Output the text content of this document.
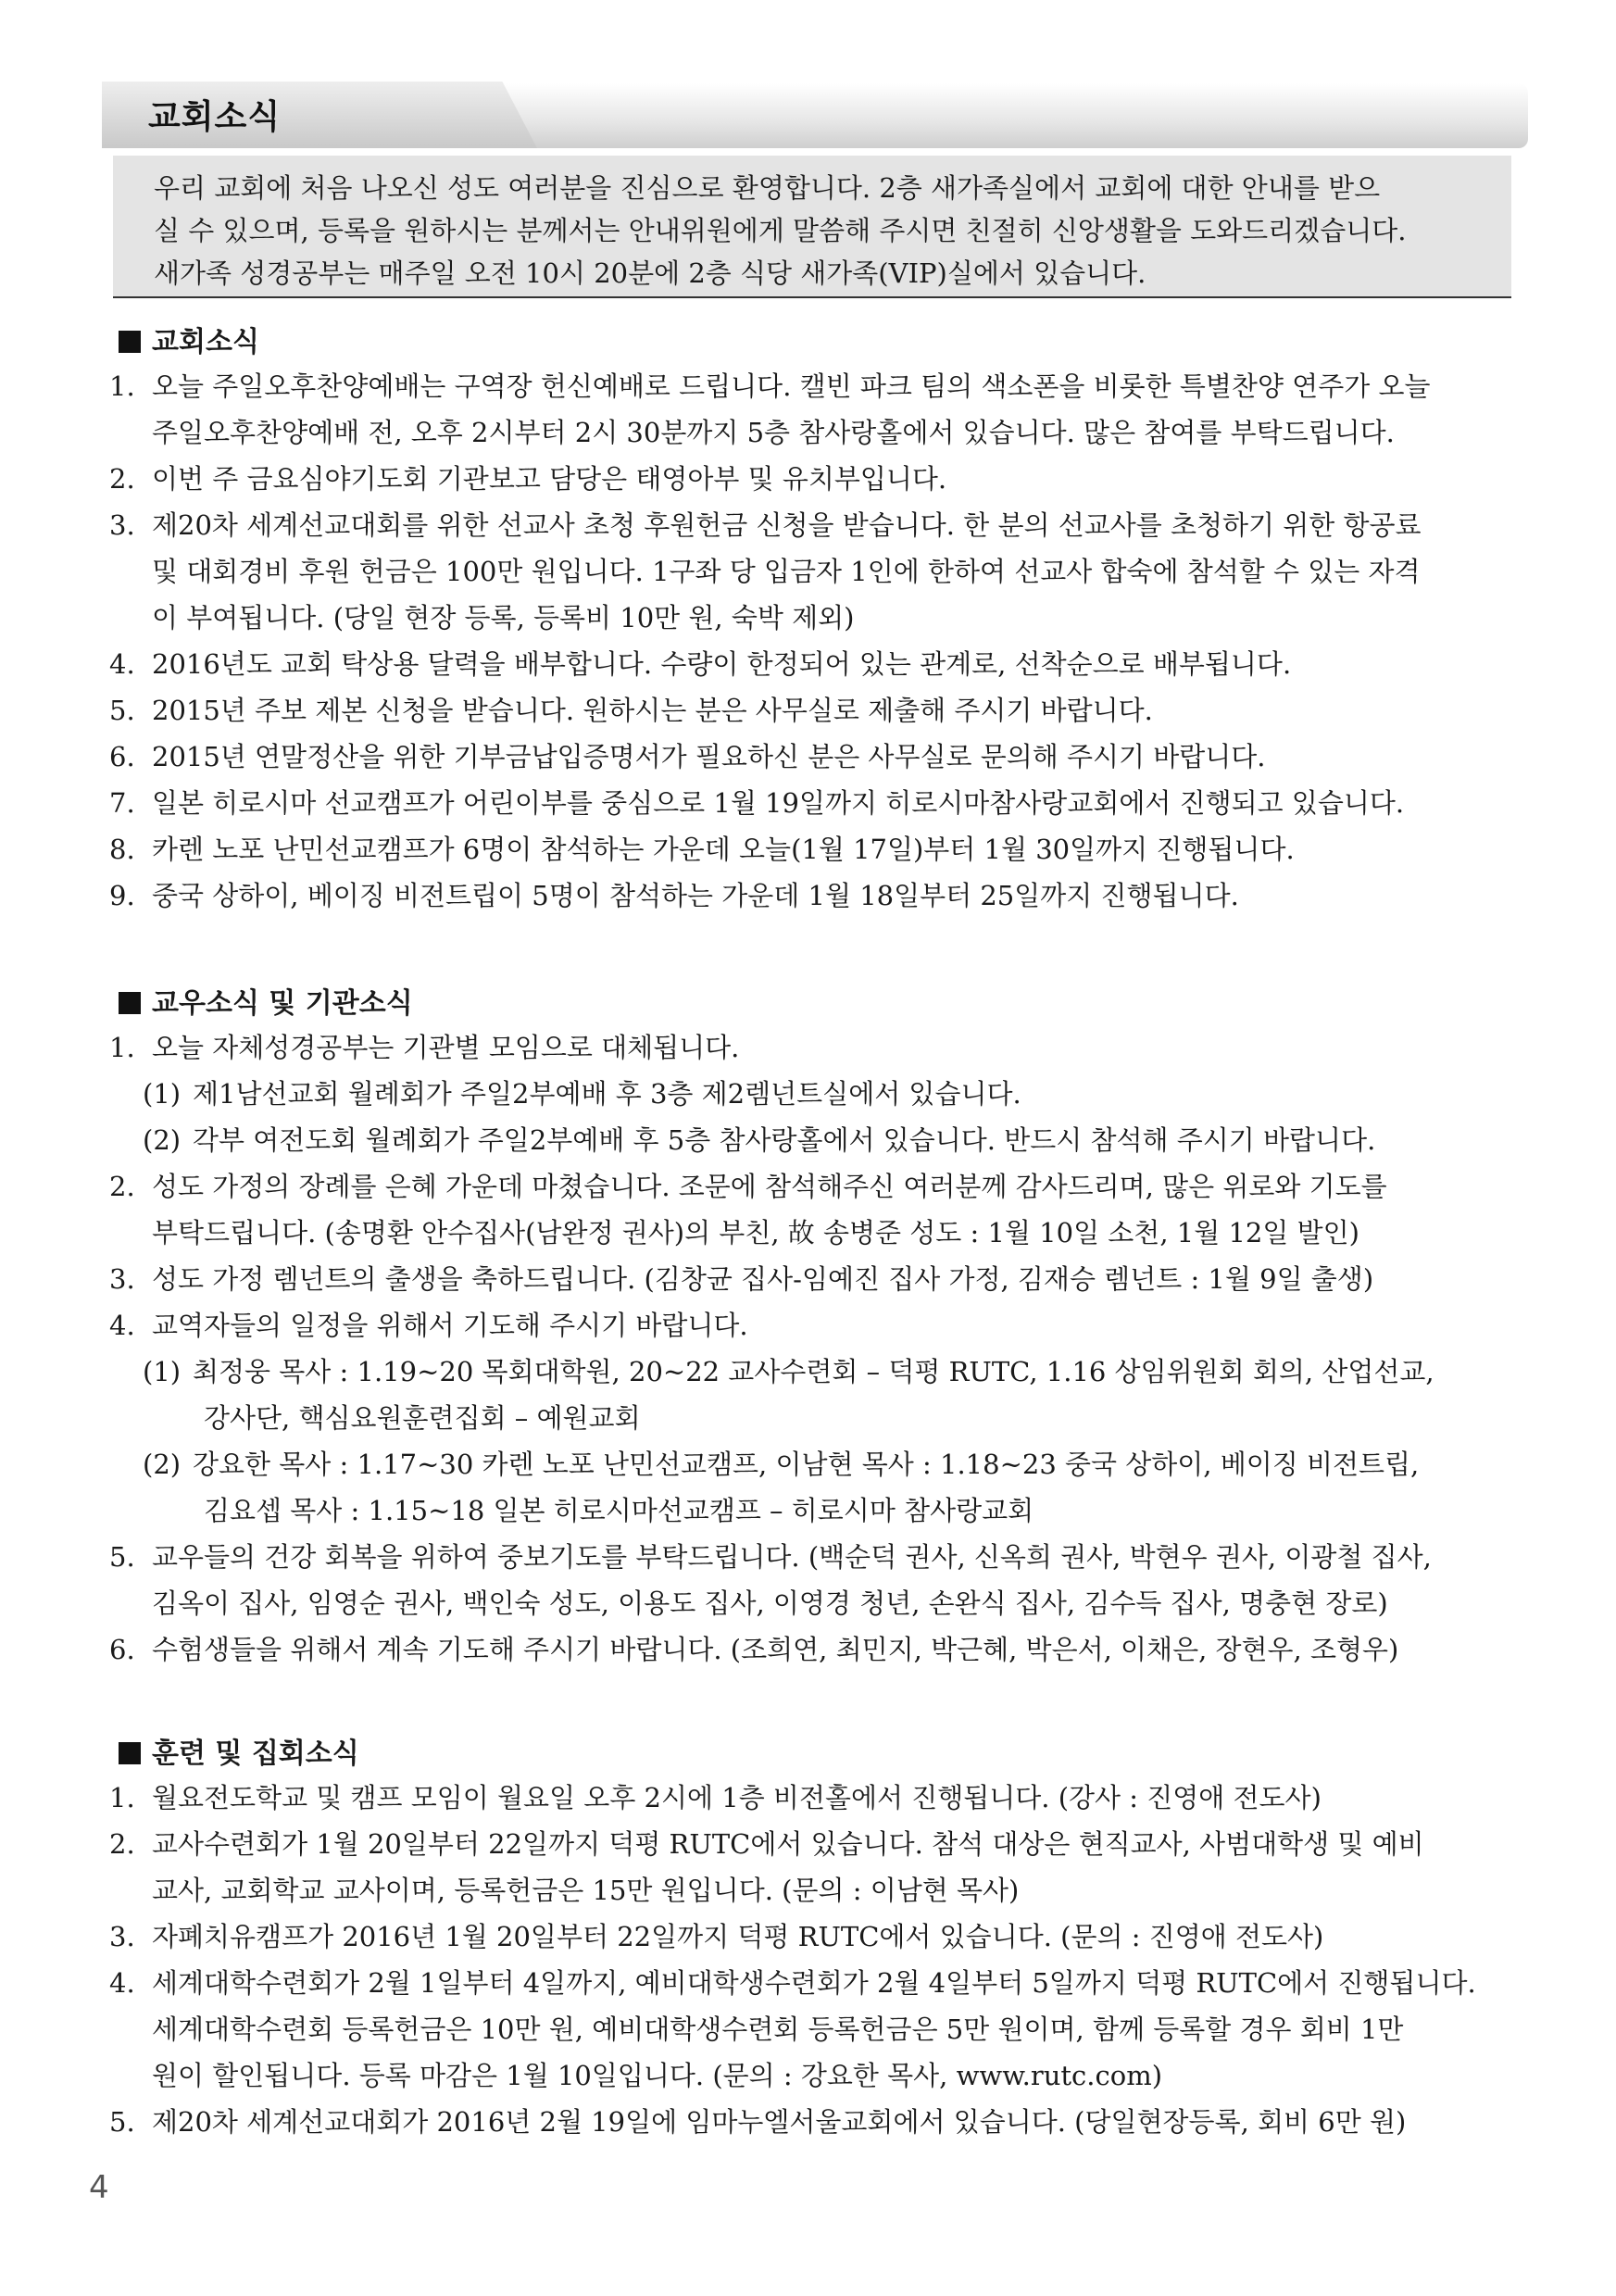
교회소식

우리 교회에 처음 나오신 성도 여러분을 진심으로 환영합니다. 2층 새가족실에서 교회에 대한 안내를 받으

실 수 있으며, 등록을 원하시는 분께서는 안내위원에게 말씀해 주시면 친절히 신앙생활을 도와드리겠습니다.

새가족 성경공부는 매주일 오전 10시 20분에 2층 식당 새가족(VIP)실에서 있습니다.

교회소식
1. 오늘 주일오후찬양예배는 구역장 헌신예배로 드립니다. 캘빈 파크 팀의 색소폰을 비롯한 특별찬양 연주가 오늘
주일오후찬양예배 전, 오후 2시부터 2시 30분까지 5층 참사랑홀에서 있습니다. 많은 참여를 부탁드립니다.
2. 이번 주 금요심야기도회 기관보고 담당은 태영아부 및 유치부입니다.
3. 제20차 세계선교대회를 위한 선교사 초청 후원헌금 신청을 받습니다. 한 분의 선교사를 초청하기 위한 항공료
및 대회경비 후원 헌금은 100만 원입니다. 1구좌 당 입금자 1인에 한하여 선교사 합숙에 참석할 수 있는 자격
이 부여됩니다. (당일 현장 등록, 등록비 10만 원, 숙박 제외)
4. 2016년도 교회 탁상용 달력을 배부합니다. 수량이 한정되어 있는 관계로, 선착순으로 배부됩니다.
5. 2015년 주보 제본 신청을 받습니다. 원하시는 분은 사무실로 제출해 주시기 바랍니다.
6. 2015년 연말정산을 위한 기부금납입증명서가 필요하신 분은 사무실로 문의해 주시기 바랍니다.
7. 일본 히로시마 선교캠프가 어린이부를 중심으로 1월 19일까지 히로시마참사랑교회에서 진행되고 있습니다.
8. 카렌 노포 난민선교캠프가 6명이 참석하는 가운데 오늘(1월 17일)부터 1월 30일까지 진행됩니다.
9. 중국 상하이, 베이징 비전트립이 5명이 참석하는 가운데 1월 18일부터 25일까지 진행됩니다.
교우소식 및 기관소식
1. 오늘 자체성경공부는 기관별 모임으로 대체됩니다.
(1) 제1남선교회 월례회가 주일2부예배 후 3층 제2렘넌트실에서 있습니다.
(2) 각부 여전도회 월례회가 주일2부예배 후 5층 참사랑홀에서 있습니다. 반드시 참석해 주시기 바랍니다.
2. 성도 가정의 장례를 은혜 가운데 마쳤습니다. 조문에 참석해주신 여러분께 감사드리며, 많은 위로와 기도를
부탁드립니다. (송명환 안수집사(남완정 권사)의 부친, 故 송병준 성도 : 1월 10일 소천, 1월 12일 발인)
3. 성도 가정 렘넌트의 출생을 축하드립니다. (김창균 집사-임예진 집사 가정, 김재승 렘넌트 : 1월 9일 출생)
4. 교역자들의 일정을 위해서 기도해 주시기 바랍니다.
(1) 최정웅 목사 : 1.19~20 목회대학원, 20~22 교사수련회 – 덕평 RUTC, 1.16 상임위원회 회의, 산업선교,
강사단, 핵심요원훈련집회 – 예원교회
(2) 강요한 목사 : 1.17~30 카렌 노포 난민선교캠프, 이남현 목사 : 1.18~23 중국 상하이, 베이징 비전트립,
김요셉 목사 : 1.15~18 일본 히로시마선교캠프 – 히로시마 참사랑교회
5. 교우들의 건강 회복을 위하여 중보기도를 부탁드립니다. (백순덕 권사, 신옥희 권사, 박현우 권사, 이광철 집사,
김옥이 집사, 임영순 권사, 백인숙 성도, 이용도 집사, 이영경 청년, 손완식 집사, 김수득 집사, 명충현 장로)
6. 수험생들을 위해서 계속 기도해 주시기 바랍니다. (조희연, 최민지, 박근혜, 박은서, 이채은, 장현우, 조형우)
훈련 및 집회소식
1. 월요전도학교 및 캠프 모임이 월요일 오후 2시에 1층 비전홀에서 진행됩니다. (강사 : 진영애 전도사)
2. 교사수련회가 1월 20일부터 22일까지 덕평 RUTC에서 있습니다. 참석 대상은 현직교사, 사범대학생 및 예비
교사, 교회학교 교사이며, 등록헌금은 15만 원입니다. (문의 : 이남현 목사)
3. 자폐치유캠프가 2016년 1월 20일부터 22일까지 덕평 RUTC에서 있습니다. (문의 : 진영애 전도사)
4. 세계대학수련회가 2월 1일부터 4일까지, 예비대학생수련회가 2월 4일부터 5일까지 덕평 RUTC에서 진행됩니다.
세계대학수련회 등록헌금은 10만 원, 예비대학생수련회 등록헌금은 5만 원이며, 함께 등록할 경우 회비 1만
원이 할인됩니다. 등록 마감은 1월 10일입니다. (문의 : 강요한 목사, www.rutc.com)
5. 제20차 세계선교대회가 2016년 2월 19일에 임마누엘서울교회에서 있습니다. (당일현장등록, 회비 6만 원)
4
